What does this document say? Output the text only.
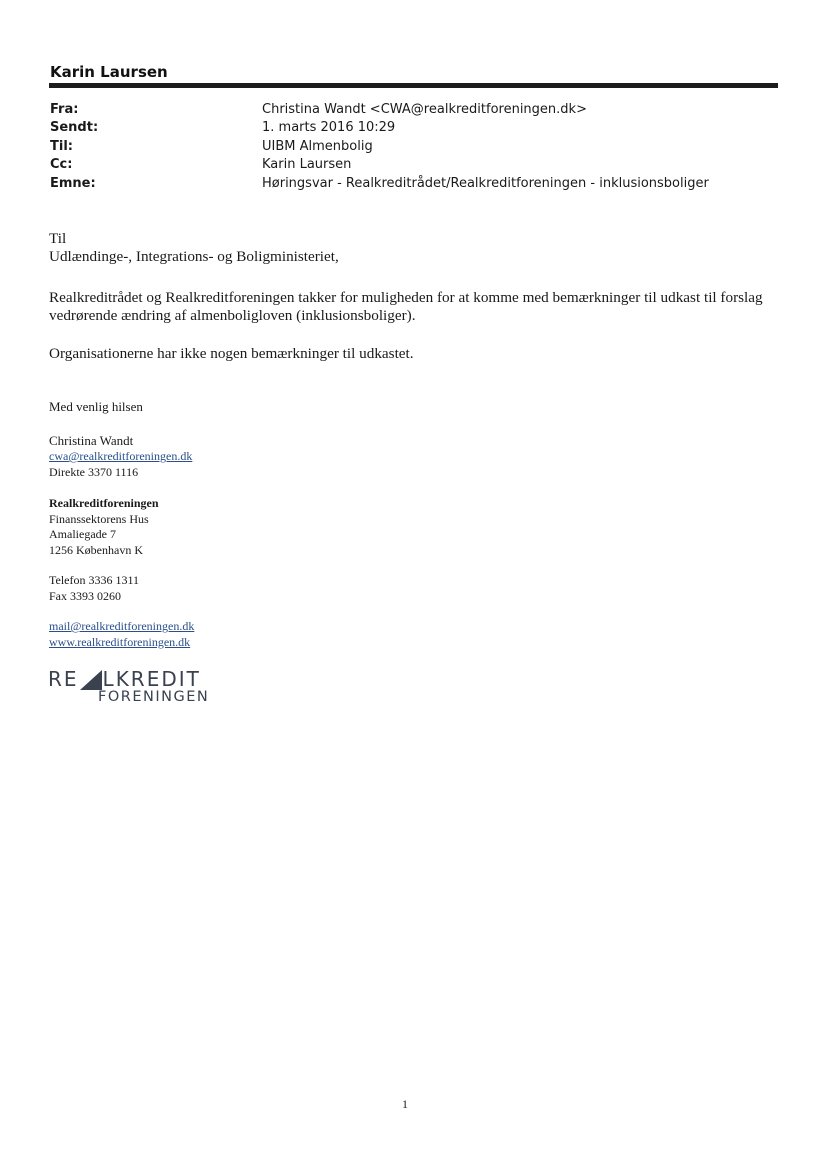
Karin Laursen
Fra:	Christina Wandt <CWA@realkreditforeningen.dk>
Sendt:	1. marts 2016 10:29
Til:	UIBM Almenbolig
Cc:	Karin Laursen
Emne:	Høringsvar - Realkreditrådet/Realkreditforeningen - inklusionsboliger

Til

Udlændinge-, Integrations- og Boligministeriet,

Realkreditrådet og Realkreditforeningen takker for muligheden for at komme med bemærkninger til udkast til forslag vedrørende ændring af almenboligloven (inklusionsboliger).

Organisationerne har ikke nogen bemærkninger til udkastet.

Med venlig hilsen
Christina Wandt
cwa@realkreditforeningen.dk
Direkte 3370 1116
Realkreditforeningen
Finanssektorens Hus
Amaliegade 7
1256 København K
Telefon 3336 1311
Fax 3393 0260
mail@realkreditforeningen.dk
www.realkreditforeningen.dk
RE LKREDIT
FORENINGEN
1
